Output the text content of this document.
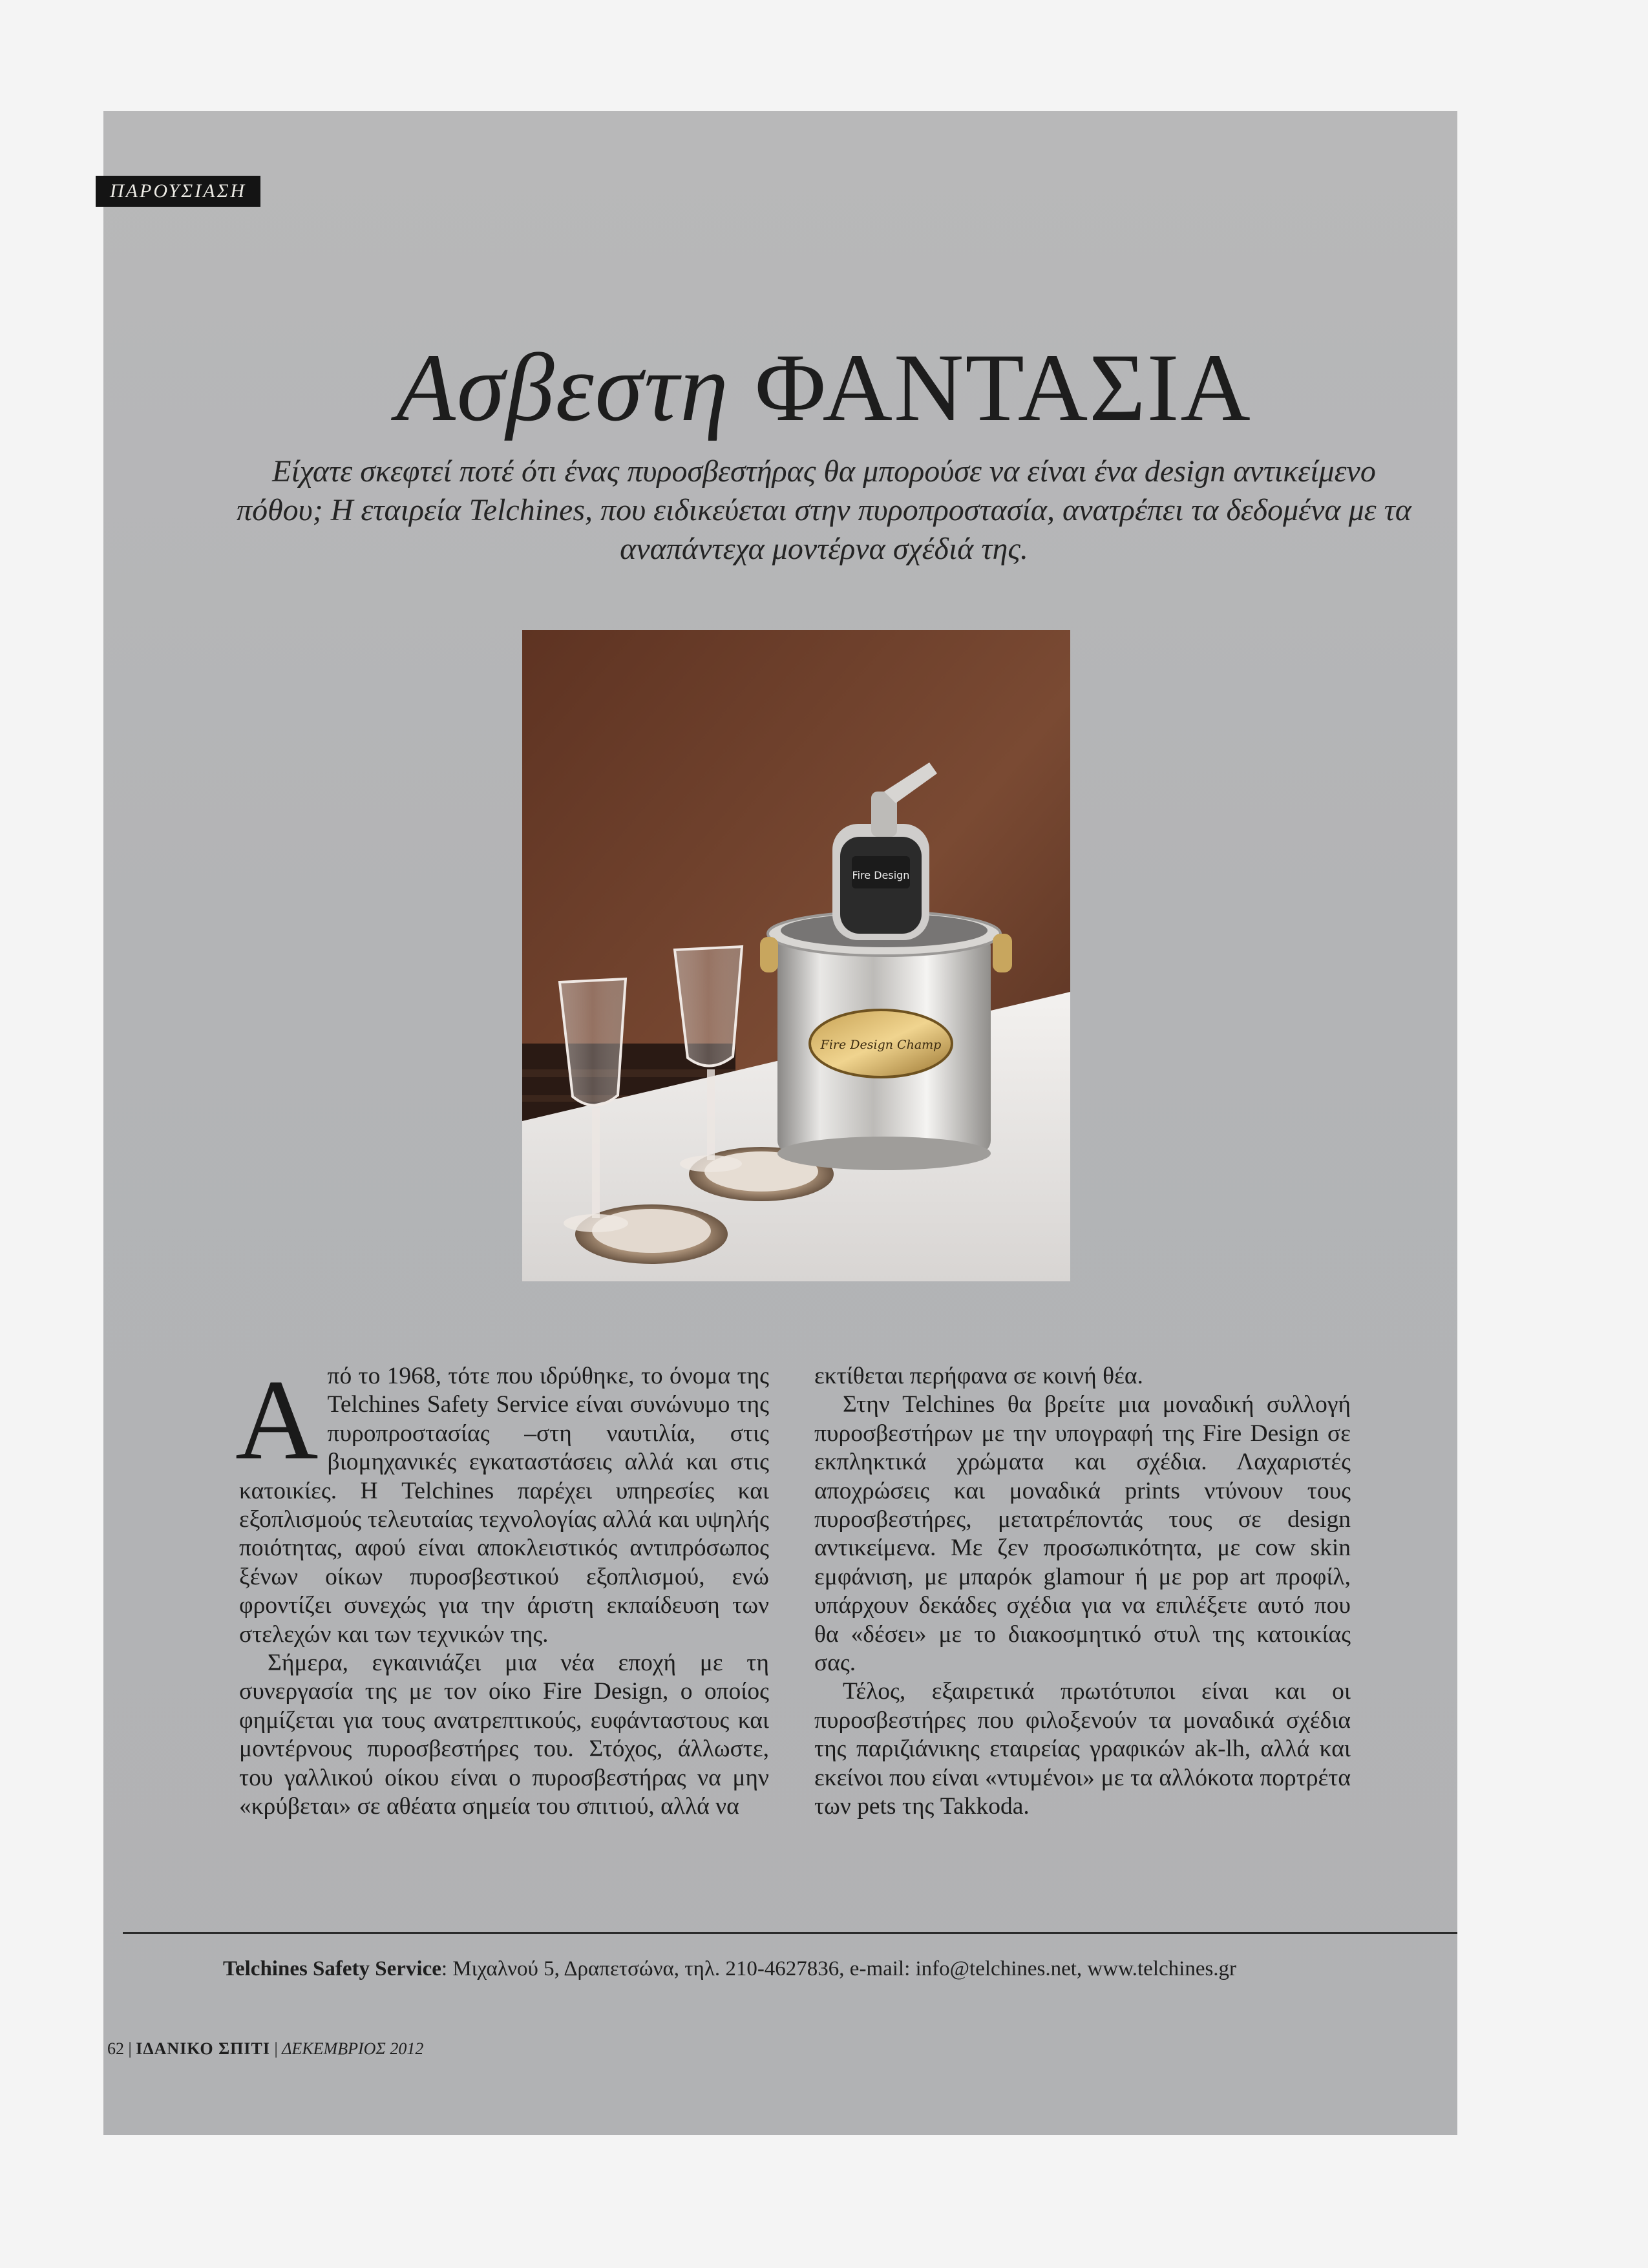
ΠΑΡΟΥΣΙΑΣΗ
Ασβεστη ΦΑΝΤΑΣΙΑ
Είχατε σκεφτεί ποτέ ότι ένας πυροσβεστήρας θα μπορούσε να είναι ένα design αντικείμενο πόθου; Η εταιρεία Telchines, που ειδικεύεται στην πυροπροστασία, ανατρέπει τα δεδομένα με τα αναπάντεχα μοντέρνα σχέδιά της.
Fire Design
Fire Design Champ

Από το 1968, τότε που ιδρύθηκε, το όνομα της Telchines Safety Service είναι συνώνυμο της πυροπροστασίας –στη ναυτιλία, στις βιομηχανικές εγκαταστάσεις αλλά και στις κατοικίες. Η Telchines παρέχει υπηρεσίες και εξοπλισμούς τελευταίας τεχνολογίας αλλά και υψηλής ποιότητας, αφού είναι αποκλειστικός αντιπρόσωπος ξένων οίκων πυροσβεστικού εξοπλισμού, ενώ φροντίζει συνεχώς για την άριστη εκπαίδευση των στελεχών και των τεχνικών της.

Σήμερα, εγκαινιάζει μια νέα εποχή με τη συνεργασία της με τον οίκο Fire Design, ο οποίος φημίζεται για τους ανατρεπτικούς, ευφάνταστους και μοντέρνους πυροσβεστήρες του. Στόχος, άλλωστε, του γαλλικού οίκου είναι ο πυροσβεστήρας να μην «κρύβεται» σε αθέατα σημεία του σπιτιού, αλλά να

εκτίθεται περήφανα σε κοινή θέα.

Στην Telchines θα βρείτε μια μοναδική συλλογή πυροσβεστήρων με την υπογραφή της Fire Design σε εκπληκτικά χρώματα και σχέδια. Λαχαριστές αποχρώσεις και μοναδικά prints ντύνουν τους πυροσβεστήρες, μετατρέποντάς τους σε design αντικείμενα. Με ζεν προσωπικότητα, με cow skin εμφάνιση, με μπαρόκ glamour ή με pop art προφίλ, υπάρχουν δεκάδες σχέδια για να επιλέξετε αυτό που θα «δέσει» με το διακοσμητικό στυλ της κατοικίας σας.

Τέλος, εξαιρετικά πρωτότυποι είναι και οι πυροσβεστήρες που φιλοξενούν τα μοναδικά σχέδια της παριζιάνικης εταιρείας γραφικών ak-lh, αλλά και εκείνοι που είναι «ντυμένοι» με τα αλλόκοτα πορτρέτα των pets της Takkoda.

Telchines Safety Service: Μιχαλνού 5, Δραπετσώνα, τηλ. 210-4627836, e-mail: info@telchines.net, www.telchines.gr
62 | ΙΔΑΝΙΚΟ ΣΠΙΤΙ | ΔΕΚΕΜΒΡΙΟΣ 2012
